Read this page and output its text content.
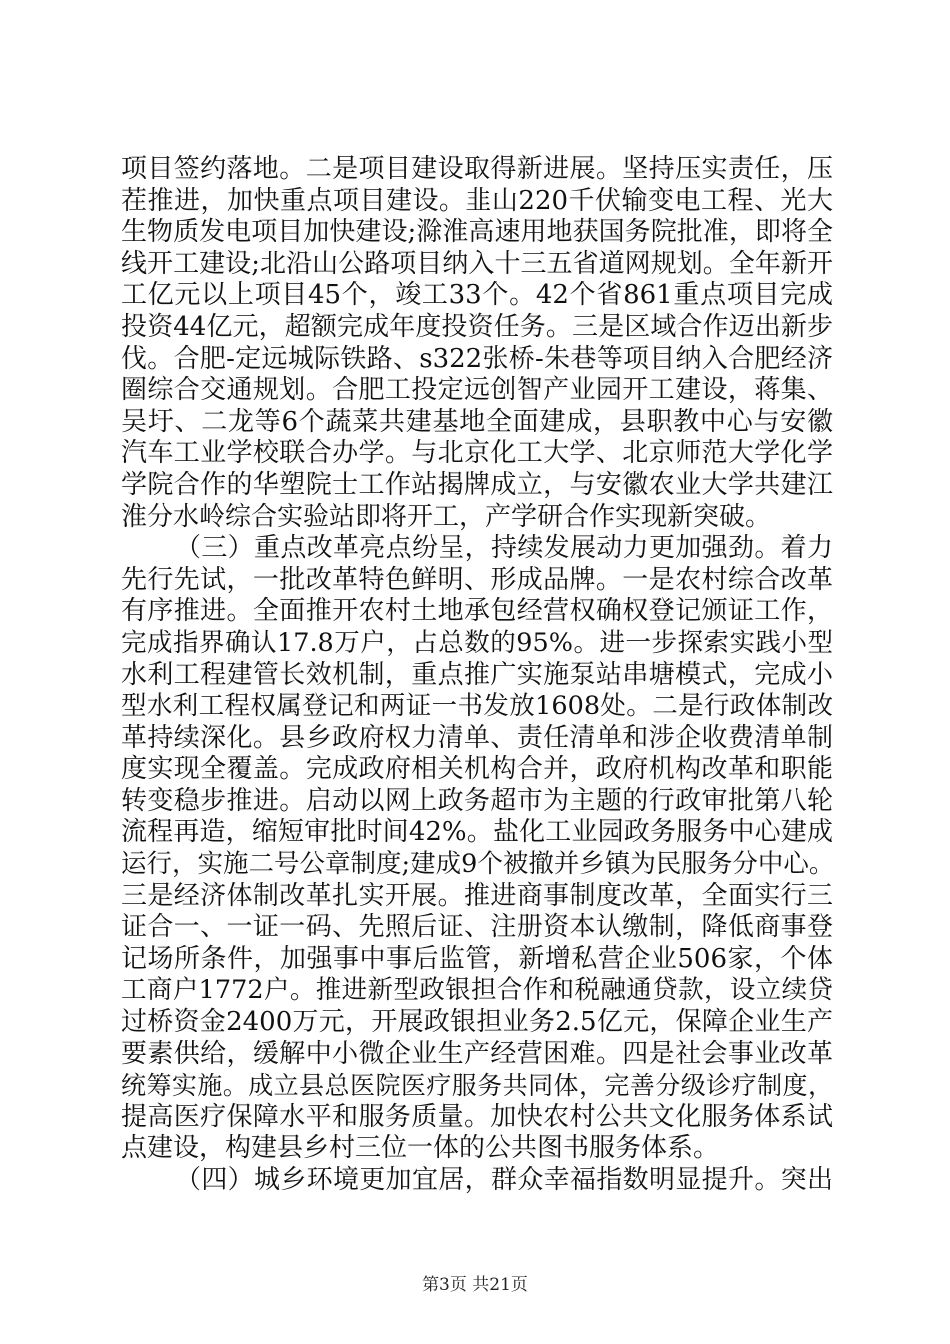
项目签约落地。二是项目建设取得新进展。坚持压实责任，压
茬推进，加快重点项目建设。韭山220千伏输变电工程、光大
生物质发电项目加快建设;滁淮高速用地获国务院批准，即将全
线开工建设;北沿山公路项目纳入十三五省道网规划。全年新开
工亿元以上项目45个，竣工33个。42个省861重点项目完成
投资44亿元，超额完成年度投资任务。三是区域合作迈出新步
伐。合肥-定远城际铁路、s322张桥-朱巷等项目纳入合肥经济
圈综合交通规划。合肥工投定远创智产业园开工建设，蒋集、
吴圩、二龙等6个蔬菜共建基地全面建成，县职教中心与安徽
汽车工业学校联合办学。与北京化工大学、北京师范大学化学
学院合作的华塑院士工作站揭牌成立，与安徽农业大学共建江
淮分水岭综合实验站即将开工，产学研合作实现新突破。
（三）重点改革亮点纷呈，持续发展动力更加强劲。着力
先行先试，一批改革特色鲜明、形成品牌。一是农村综合改革
有序推进。全面推开农村土地承包经营权确权登记颁证工作，
完成指界确认17.8万户，占总数的95%。进一步探索实践小型
水利工程建管长效机制，重点推广实施泵站串塘模式，完成小
型水利工程权属登记和两证一书发放1608处。二是行政体制改
革持续深化。县乡政府权力清单、责任清单和涉企收费清单制
度实现全覆盖。完成政府相关机构合并，政府机构改革和职能
转变稳步推进。启动以网上政务超市为主题的行政审批第八轮
流程再造，缩短审批时间42%。盐化工业园政务服务中心建成
运行，实施二号公章制度;建成9个被撤并乡镇为民服务分中心。
三是经济体制改革扎实开展。推进商事制度改革，全面实行三
证合一、一证一码、先照后证、注册资本认缴制，降低商事登
记场所条件，加强事中事后监管，新增私营企业506家，个体
工商户1772户。推进新型政银担合作和税融通贷款，设立续贷
过桥资金2400万元，开展政银担业务2.5亿元，保障企业生产
要素供给，缓解中小微企业生产经营困难。四是社会事业改革
统筹实施。成立县总医院医疗服务共同体，完善分级诊疗制度，
提高医疗保障水平和服务质量。加快农村公共文化服务体系试
点建设，构建县乡村三位一体的公共图书服务体系。
（四）城乡环境更加宜居，群众幸福指数明显提升。突出
第3页 共21页
